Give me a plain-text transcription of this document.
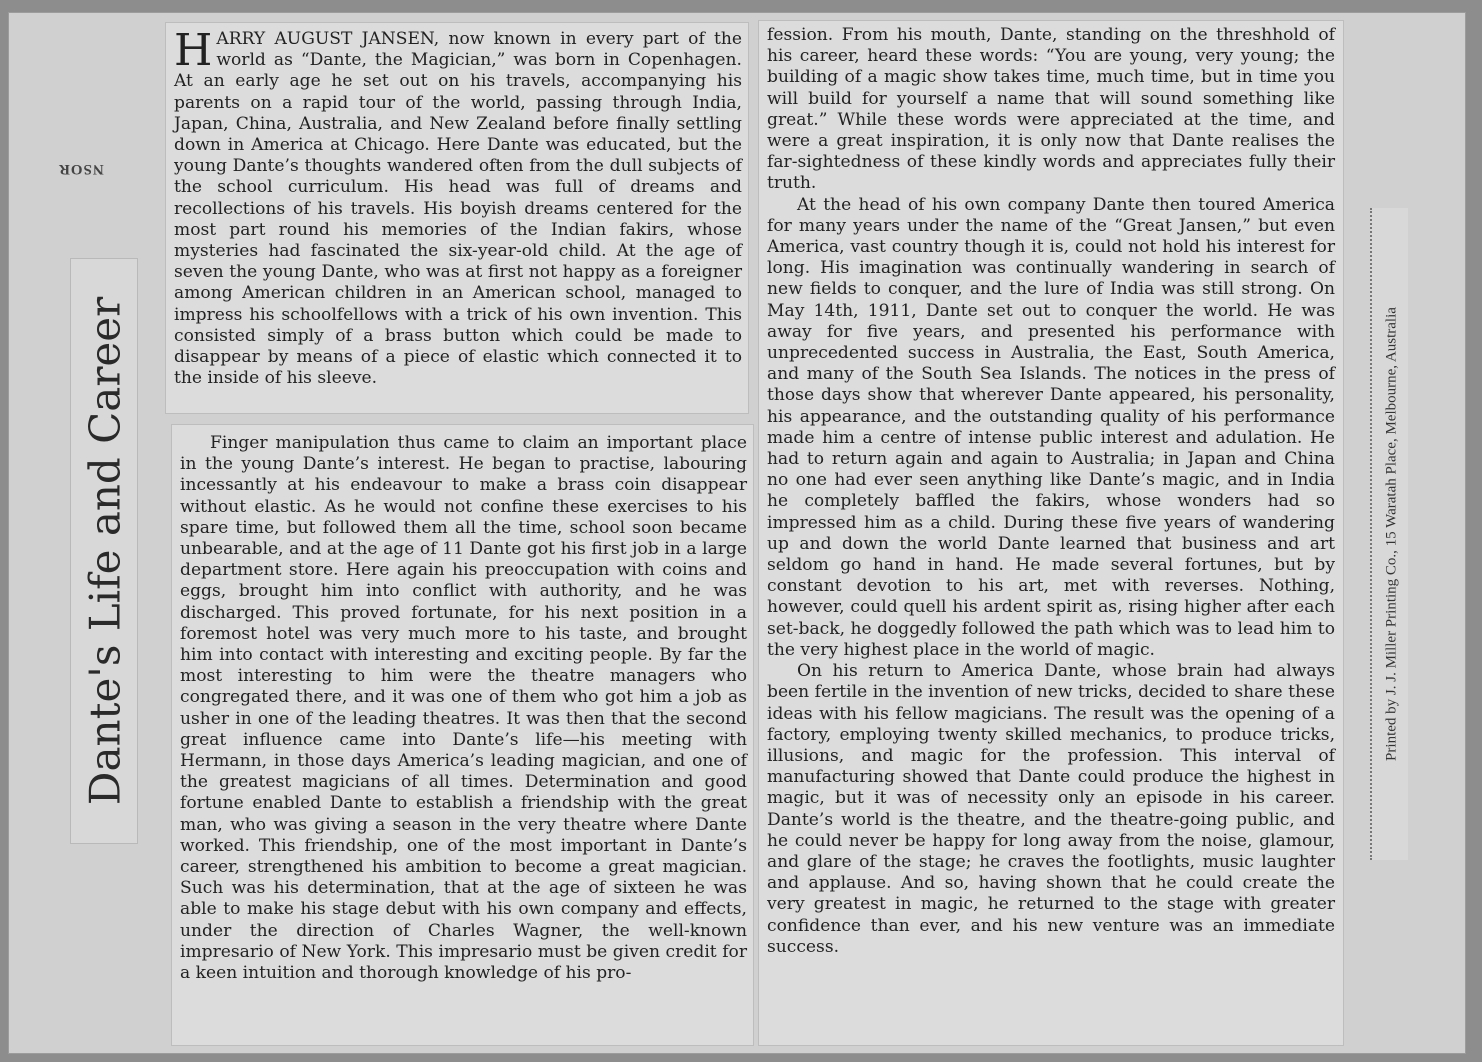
NSOR
Dante's Life and Career

HARRY AUGUST JANSEN, now known in every part of the world as “Dante, the Magician,” was born in Copenhagen. At an early age he set out on his travels, accompanying his parents on a rapid tour of the world, passing through India, Japan, China, Australia, and New Zealand before finally settling down in America at Chicago. Here Dante was educated, but the young Dante’s thoughts wandered often from the dull subjects of the school curriculum. His head was full of dreams and recollections of his travels. His boyish dreams centered for the most part round his memories of the Indian fakirs, whose mysteries had fascinated the six-year-old child. At the age of seven the young Dante, who was at first not happy as a foreigner among American children in an American school, managed to impress his schoolfellows with a trick of his own invention. This consisted simply of a brass button which could be made to disappear by means of a piece of elastic which connected it to the inside of his sleeve.

Finger manipulation thus came to claim an important place in the young Dante’s interest. He began to practise, labouring incessantly at his endeavour to make a brass coin disappear without elastic. As he would not confine these exercises to his spare time, but followed them all the time, school soon became unbearable, and at the age of 11 Dante got his first job in a large department store. Here again his preoccupation with coins and eggs, brought him into conflict with authority, and he was discharged. This proved fortunate, for his next position in a foremost hotel was very much more to his taste, and brought him into contact with interesting and exciting people. By far the most interesting to him were the theatre managers who congregated there, and it was one of them who got him a job as usher in one of the leading theatres. It was then that the second great influence came into Dante’s life—his meeting with Hermann, in those days America’s leading magician, and one of the greatest magicians of all times. Determination and good fortune enabled Dante to establish a friendship with the great man, who was giving a season in the very theatre where Dante worked. This friendship, one of the most important in Dante’s career, strengthened his ambition to become a great magician. Such was his determination, that at the age of sixteen he was able to make his stage debut with his own company and effects, under the direction of Charles Wagner, the well-known impresario of New York. This impresario must be given credit for a keen intuition and thorough knowledge of his pro-

fession. From his mouth, Dante, standing on the threshhold of his career, heard these words: “You are young, very young; the building of a magic show takes time, much time, but in time you will build for yourself a name that will sound something like great.” While these words were appreciated at the time, and were a great inspiration, it is only now that Dante realises the far-sightedness of these kindly words and appreciates fully their truth.

At the head of his own company Dante then toured America for many years under the name of the “Great Jansen,” but even America, vast country though it is, could not hold his interest for long. His imagination was continually wandering in search of new fields to conquer, and the lure of India was still strong. On May 14th, 1911, Dante set out to conquer the world. He was away for five years, and presented his performance with unprecedented success in Australia, the East, South America, and many of the South Sea Islands. The notices in the press of those days show that wherever Dante appeared, his personality, his appearance, and the outstanding quality of his performance made him a centre of intense public interest and adulation. He had to return again and again to Australia; in Japan and China no one had ever seen anything like Dante’s magic, and in India he completely baffled the fakirs, whose wonders had so impressed him as a child. During these five years of wandering up and down the world Dante learned that business and art seldom go hand in hand. He made several fortunes, but by constant devotion to his art, met with reverses. Nothing, however, could quell his ardent spirit as, rising higher after each set-back, he doggedly followed the path which was to lead him to the very highest place in the world of magic.

On his return to America Dante, whose brain had always been fertile in the invention of new tricks, decided to share these ideas with his fellow magicians. The result was the opening of a factory, employing twenty skilled mechanics, to produce tricks, illusions, and magic for the profession. This interval of manufacturing showed that Dante could produce the highest in magic, but it was of necessity only an episode in his career. Dante’s world is the theatre, and the theatre-going public, and he could never be happy for long away from the noise, glamour, and glare of the stage; he craves the footlights, music laughter and applause. And so, having shown that he could create the very greatest in magic, he returned to the stage with greater confidence than ever, and his new venture was an immediate success.

Printed by J. J. Miller Printing Co., 15 Waratah Place, Melbourne, Australia
